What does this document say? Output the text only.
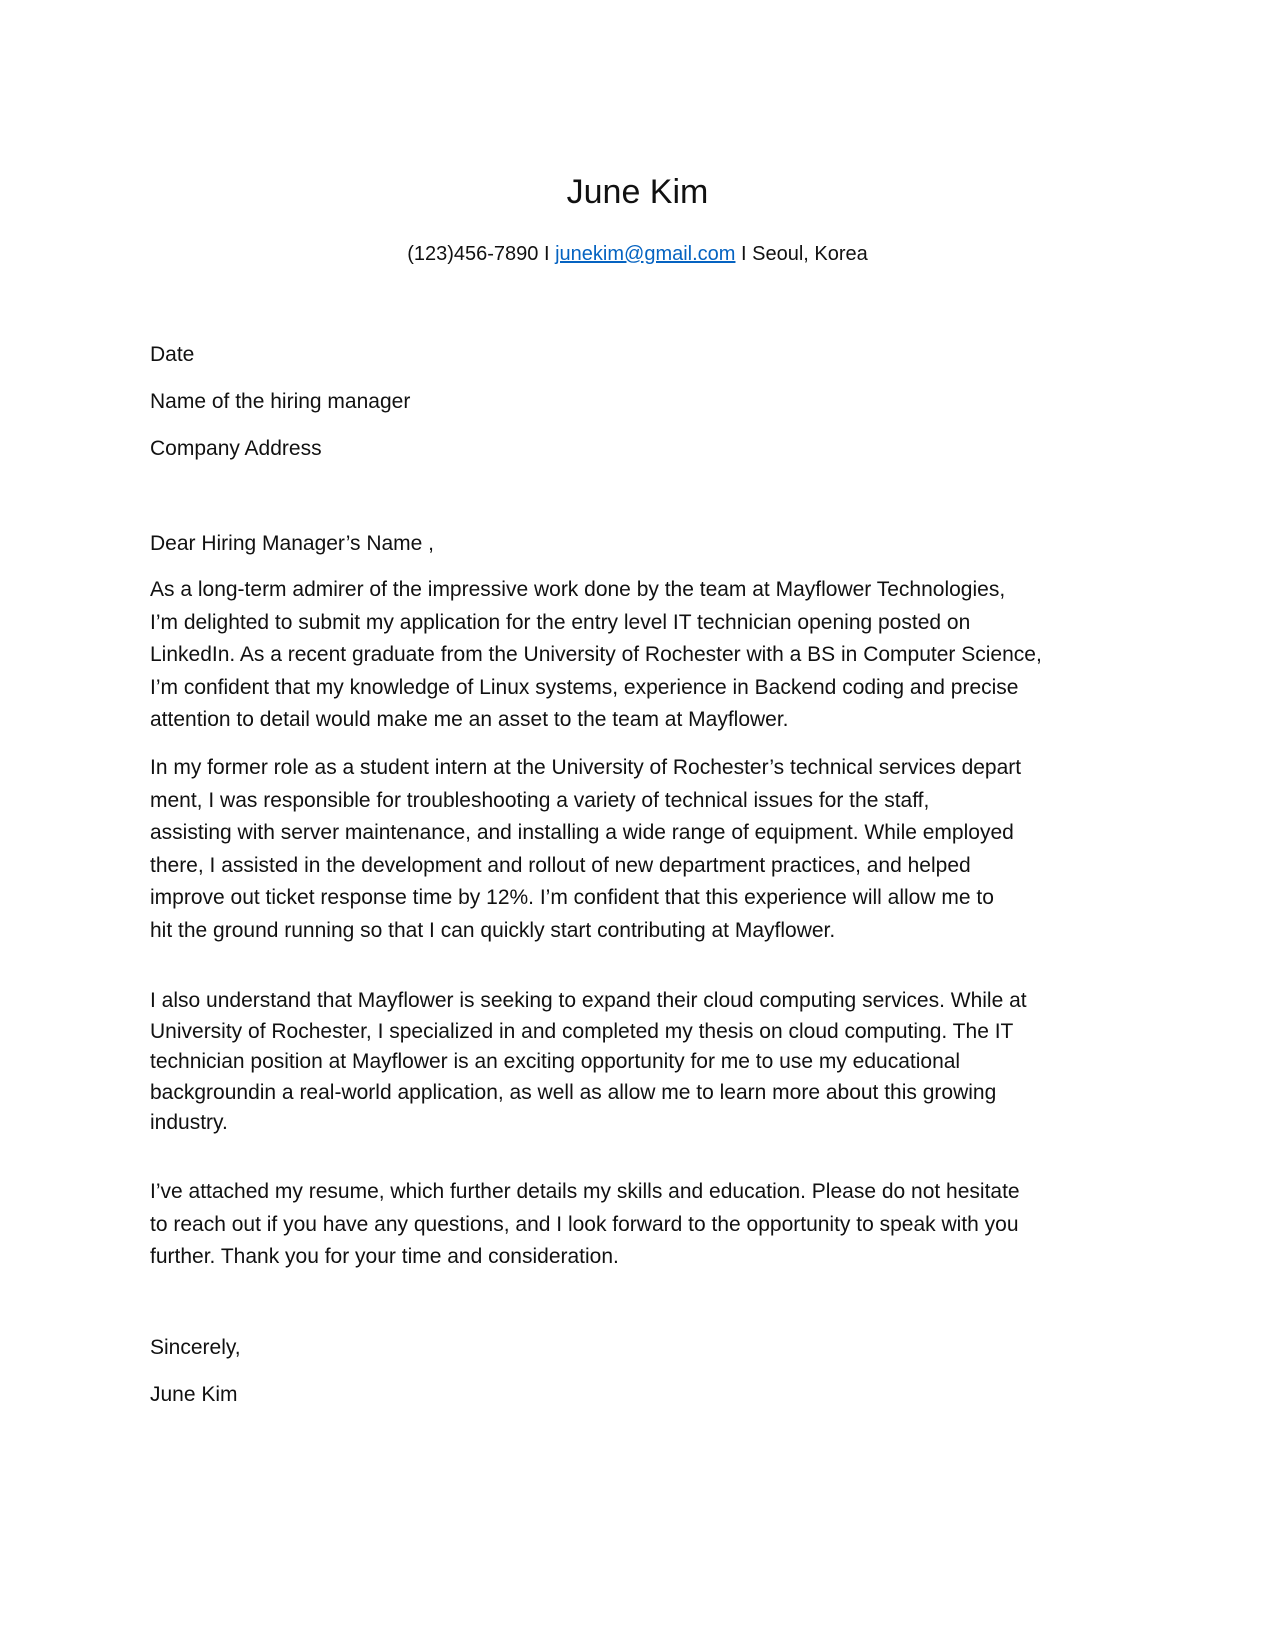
June Kim
(123)456-7890 I junekim@gmail.com I Seoul, Korea
Date
Name of the hiring manager
Company Address
Dear Hiring Manager’s Name ,
As a long-term admirer of the impressive work done by the team at Mayflower Technologies,
I’m delighted to submit my application for the entry level IT technician opening posted on
LinkedIn. As a recent graduate from the University of Rochester with a BS in Computer Science,
I’m confident that my knowledge of Linux systems, experience in Backend coding and precise
attention to detail would make me an asset to the team at Mayflower.
In my former role as a student intern at the University of Rochester’s technical services depart
ment, I was responsible for troubleshooting a variety of technical issues for the staff,
assisting with server maintenance, and installing a wide range of equipment. While employed
there, I assisted in the development and rollout of new department practices, and helped
improve out ticket response time by 12%. I’m confident that this experience will allow me to
hit the ground running so that I can quickly start contributing at Mayflower.
I also understand that Mayflower is seeking to expand their cloud computing services. While at
University of Rochester, I specialized in and completed my thesis on cloud computing. The IT
technician position at Mayflower is an exciting opportunity for me to use my educational
backgroundin a real-world application, as well as allow me to learn more about this growing
industry.
I’ve attached my resume, which further details my skills and education. Please do not hesitate
to reach out if you have any questions, and I look forward to the opportunity to speak with you
further. Thank you for your time and consideration.
Sincerely,
June Kim
